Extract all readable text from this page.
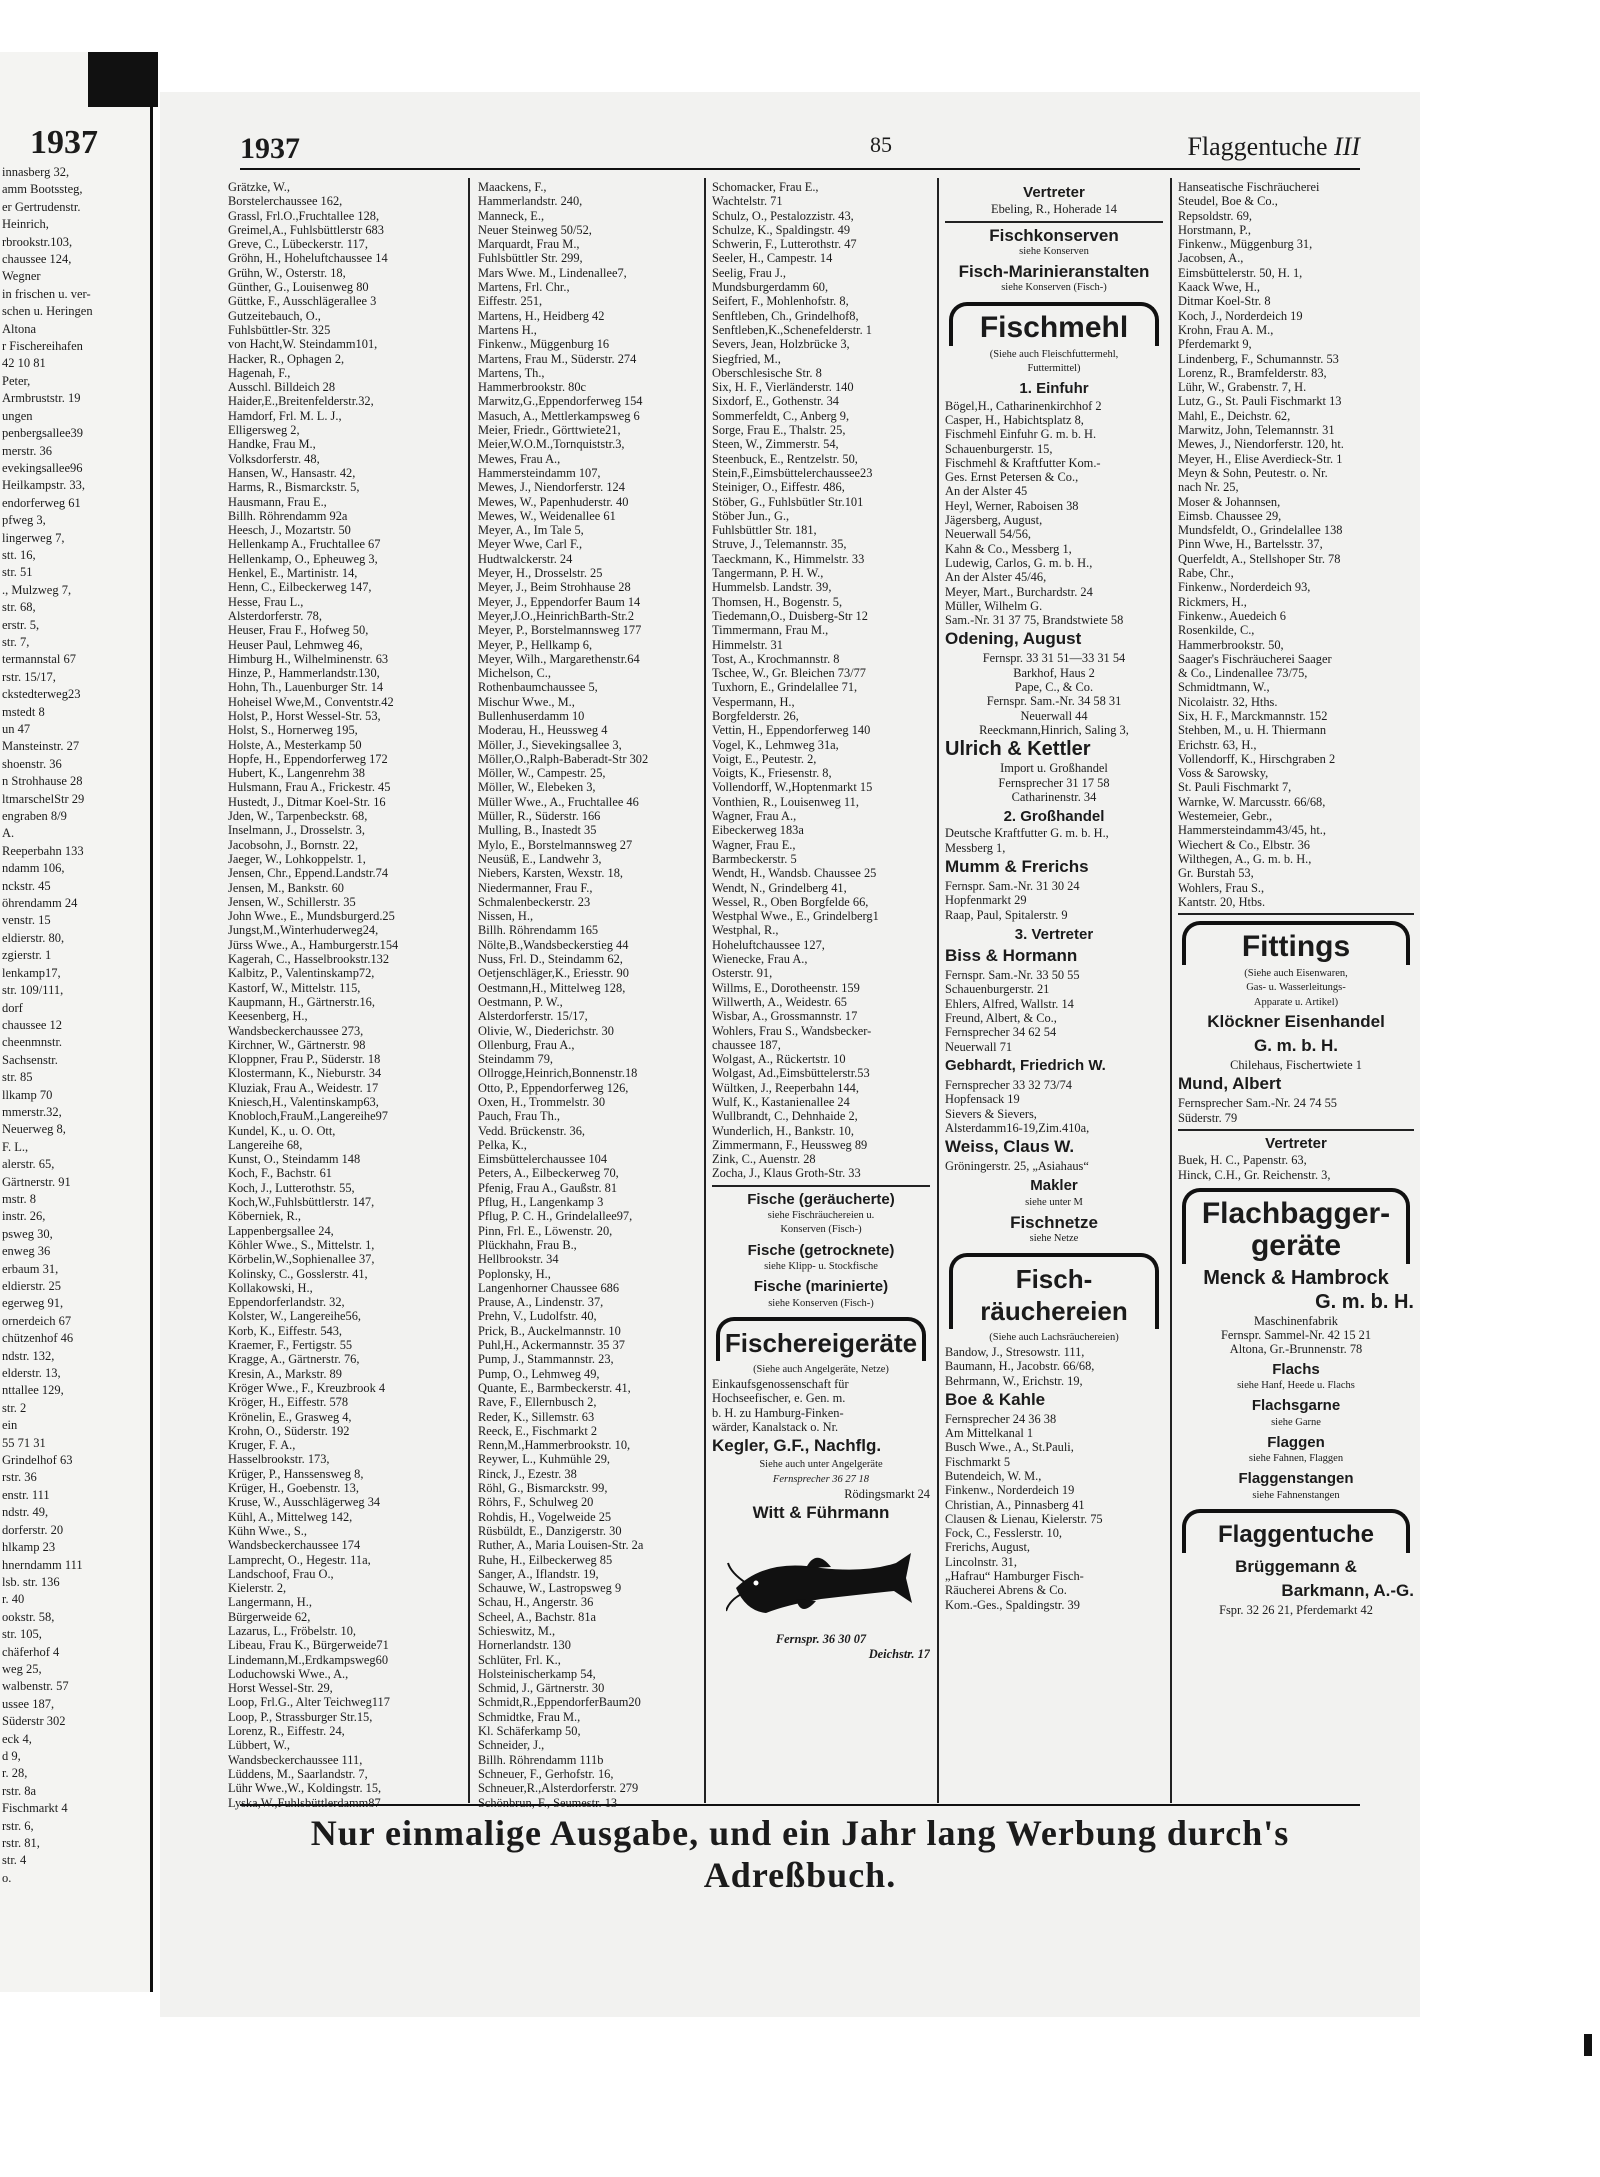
1937
innasberg 32,
amm Bootssteg,
er Gertrudenstr.
Heinrich,
rbrookstr.103,
chaussee 124,
Wegner
in frischen u. ver-
schen u. Heringen
Altona
r Fischereihafen
42 10 81
Peter,
Armbruststr. 19
ungen
penbergsallee39
merstr. 36
evekingsallee96
Heilkampstr. 33,
endorferweg 61
pfweg 3,
lingerweg 7,
stt. 16,
str. 51
., Mulzweg 7,
str. 68,
erstr. 5,
str. 7,
termannstal 67
rstr. 15/17,
ckstedterweg23
mstedt 8
un 47
Mansteinstr. 27
shoenstr. 36
n Strohhause 28
ltmarschelStr 29
engraben 8/9
A.
Reeperbahn 133
ndamm 106,
nckstr. 45
öhrendamm 24
venstr. 15
eldierstr. 80,
zgierstr. 1
lenkamp17,
str. 109/111,
dorf
chaussee 12
cheenmnstr.
Sachsenstr.
str. 85
llkamp 70
mmerstr.32,
Neuerweg 8,
F. L.,
alerstr. 65,
Gärtnerstr. 91
mstr. 8
instr. 26,
psweg 30,
enweg 36
erbaum 31,
eldierstr. 25
egerweg 91,
ornerdeich 67
chützenhof 46
ndstr. 132,
elderstr. 13,
nttallee 129,
str. 2
ein
55 71 31
Grindelhof 63
rstr. 36
enstr. 111
ndstr. 49,
dorferstr. 20
hlkamp 23
hnerndamm 111
lsb. str. 136
r. 40
ookstr. 58,
str. 105,
chäferhof 4
weg 25,
walbenstr. 57
ussee 187,
Süderstr 302
eck 4,
d 9,
r. 28,
rstr. 8a
Fischmarkt 4
rstr. 6,
rstr. 81,
str. 4
o.
1937	85	Flaggentuche III
Grätzke, W.,
Borstelerchaussee 162,
Grassl, Frl.O.,Fruchtallee 128,
Greimel,A., Fuhlsbüttlerstr 683
Greve, C., Lübeckerstr. 117,
Gröhn, H., Hoheluftchaussee 14
Grühn, W., Osterstr. 18,
Günther, G., Louisenweg 80
Güttke, F., Ausschlägerallee 3
Gutzeitebauch, O.,
Fuhlsbüttler-Str. 325
von Hacht,W. Steindamm101,
Hacker, R., Ophagen 2,
Hagenah, F.,
Ausschl. Billdeich 28
Haider,E.,Breitenfelderstr.32,
Hamdorf, Frl. M. L. J.,
Elligersweg 2,
Handke, Frau M.,
Volksdorferstr. 48,
Hansen, W., Hansastr. 42,
Harms, R., Bismarckstr. 5,
Hausmann, Frau E.,
Billh. Röhrendamm 92a
Heesch, J., Mozartstr. 50
Hellenkamp A., Fruchtallee 67
Hellenkamp, O., Epheuweg 3,
Henkel, E., Martinistr. 14,
Henn, C., Eilbeckerweg 147,
Hesse, Frau L.,
Alsterdorferstr. 78,
Heuser, Frau F., Hofweg 50,
Heuser Paul, Lehmweg 46,
Himburg H., Wilhelminenstr. 63
Hinze, P., Hammerlandstr.130,
Hohn, Th., Lauenburger Str. 14
Hoheisel Wwe,M., Conventstr.42
Holst, P., Horst Wessel-Str. 53,
Holst, S., Hornerweg 195,
Holste, A., Mesterkamp 50
Hopfe, H., Eppendorferweg 172
Hubert, K., Langenrehm 38
Hulsmann, Frau A., Frickestr. 45
Hustedt, J., Ditmar Koel-Str. 16
Jden, W., Tarpenbeckstr. 68,
Inselmann, J., Drosselstr. 3,
Jacobsohn, J., Bornstr. 22,
Jaeger, W., Lohkoppelstr. 1,
Jensen, Chr., Eppend.Landstr.74
Jensen, M., Bankstr. 60
Jensen, W., Schillerstr. 35
John Wwe., E., Mundsburgerd.25
Jungst,M.,Winterhuderweg24,
Jürss Wwe., A., Hamburgerstr.154
Kagerah, C., Hasselbrookstr.132
Kalbitz, P., Valentinskamp72,
Kastorf, W., Mittelstr. 115,
Kaupmann, H., Gärtnerstr.16,
Keesenberg, H.,
Wandsbeckerchaussee 273,
Kirchner, W., Gärtnerstr. 98
Kloppner, Frau P., Süderstr. 18
Klostermann, K., Nieburstr. 34
Kluziak, Frau A., Weidestr. 17
Kniesch,H., Valentinskamp63,
Knobloch,FrauM.,Langereihe97
Kundel, K., u. O. Ott,
Langereihe 68,
Kunst, O., Steindamm 148
Koch, F., Bachstr. 61
Koch, J., Lutterothstr. 55,
Koch,W.,Fuhlsbüttlerstr. 147,
Köberniek, R.,
Lappenbergsallee 24,
Köhler Wwe., S., Mittelstr. 1,
Körbelin,W.,Sophienallee 37,
Kolinsky, C., Gosslerstr. 41,
Kollakowski, H.,
Eppendorferlandstr. 32,
Kolster, W., Langereihe56,
Korb, K., Eiffestr. 543,
Kraemer, F., Fertigstr. 55
Kragge, A., Gärtnerstr. 76,
Kresin, A., Markstr. 89
Kröger Wwe., F., Kreuzbrook 4
Kröger, H., Eiffestr. 578
Krönelin, E., Grasweg 4,
Krohn, O., Süderstr. 192
Kruger, F. A.,
Hasselbrookstr. 173,
Krüger, P., Hanssensweg 8,
Krüger, H., Goebenstr. 13,
Kruse, W., Ausschlägerweg 34
Kühl, A., Mittelweg 142,
Kühn Wwe., S.,
Wandsbeckerchaussee 174
Lamprecht, O., Hegestr. 11a,
Landschoof, Frau O.,
Kielerstr. 2,
Langermann, H.,
Bürgerweide 62,
Lazarus, L., Fröbelstr. 10,
Libeau, Frau K., Bürgerweide71
Lindemann,M.,Erdkampsweg60
Loduchowski Wwe., A.,
Horst Wessel-Str. 29,
Loop, Frl.G., Alter Teichweg117
Loop, P., Strassburger Str.15,
Lorenz, R., Eiffestr. 24,
Lübbert, W.,
Wandsbeckerchaussee 111,
Lüddens, M., Saarlandstr. 7,
Lühr Wwe.,W., Koldingstr. 15,
Lyska,W.,Fuhlsbüttlerdamm87
Maackens, F.,
Hammerlandstr. 240,
Manneck, E.,
Neuer Steinweg 50/52,
Marquardt, Frau M.,
Fuhlsbüttler Str. 299,
Mars Wwe. M., Lindenallee7,
Martens, Frl. Chr.,
Eiffestr. 251,
Martens, H., Heidberg 42
Martens H.,
Finkenw., Müggenburg 16
Martens, Frau M., Süderstr. 274
Martens, Th.,
Hammerbrookstr. 80c
Marwitz,G.,Eppendorferweg 154
Masuch, A., Mettlerkampsweg 6
Meier, Friedr., Görttwiete21,
Meier,W.O.M.,Tornquiststr.3,
Mewes, Frau A.,
Hammersteindamm 107,
Mewes, J., Niendorferstr. 124
Mewes, W., Papenhuderstr. 40
Mewes, W., Weidenallee 61
Meyer, A., Im Tale 5,
Meyer Wwe, Carl F.,
Hudtwalckerstr. 24
Meyer, H., Drosselstr. 25
Meyer, J., Beim Strohhause 28
Meyer, J., Eppendorfer Baum 14
Meyer,J.O.,HeinrichBarth-Str.2
Meyer, P., Borstelmannsweg 177
Meyer, P., Hellkamp 6,
Meyer, Wilh., Margarethenstr.64
Michelson, C.,
Rothenbaumchaussee 5,
Mischur Wwe., M.,
Bullenhuserdamm 10
Moderau, H., Heussweg 4
Möller, J., Sievekingsallee 3,
Möller,O.,Ralph-Baberadt-Str 302
Möller, W., Campestr. 25,
Möller, W., Elebeken 3,
Müller Wwe., A., Fruchtallee 46
Müller, R., Süderstr. 166
Mulling, B., Inastedt 35
Mylo, E., Borstelmannsweg 27
Neusüß, E., Landwehr 3,
Niebers, Karsten, Wexstr. 18,
Niedermanner, Frau F.,
Schmalenbeckerstr. 23
Nissen, H.,
Billh. Röhrendamm 165
Nölte,B.,Wandsbeckerstieg 44
Nuss, Frl. D., Steindamm 62,
Oetjenschläger,K., Eriesstr. 90
Oestmann,H., Mittelweg 128,
Oestmann, P. W.,
Alsterdorferstr. 15/17,
Olivie, W., Diederichstr. 30
Ollenburg, Frau A.,
Steindamm 79,
Ollrogge,Heinrich,Bonnenstr.18
Otto, P., Eppendorferweg 126,
Oxen, H., Trommelstr. 30
Pauch, Frau Th.,
Vedd. Brückenstr. 36,
Pelka, K.,
Eimsbüttelerchaussee 104
Peters, A., Eilbeckerweg 70,
Pfenig, Frau A., Gaußstr. 81
Pflug, H., Langenkamp 3
Pflug, P. C. H., Grindelallee97,
Pinn, Frl. E., Löwenstr. 20,
Plückhahn, Frau B.,
Hellbrookstr. 34
Poplonsky, H.,
Langenhorner Chaussee 686
Prause, A., Lindenstr. 37,
Prehn, V., Ludolfstr. 40,
Prick, B., Auckelmannstr. 10
Puhl,H., Ackermannstr. 35 37
Pump, J., Stammannstr. 23,
Pump, O., Lehmweg 49,
Quante, E., Barmbeckerstr. 41,
Rave, F., Ellernbusch 2,
Reder, K., Sillemstr. 63
Reeck, E., Fischmarkt 2
Renn,M.,Hammerbrookstr. 10,
Reywer, L., Kuhmühle 29,
Rinck, J., Ezestr. 38
Röhl, G., Bismarckstr. 99,
Röhrs, F., Schulweg 20
Rohdis, H., Vogelweide 25
Rüsbüldt, E., Danzigerstr. 30
Ruther, A., Maria Louisen-Str. 2a
Ruhe, H., Eilbeckerweg 85
Sanger, A., Iflandstr. 19,
Schauwe, W., Lastropsweg 9
Schau, H., Angerstr. 36
Scheel, A., Bachstr. 81a
Schieswitz, M.,
Hornerlandstr. 130
Schlüter, Frl. K.,
Holsteinischerkamp 54,
Schmid, J., Gärtnerstr. 30
Schmidt,R.,EppendorferBaum20
Schmidtke, Frau M.,
Kl. Schäferkamp 50,
Schneider, J.,
Billh. Röhrendamm 111b
Schneuer, F., Gerhofstr. 16,
Schneuer,R.,Alsterdorferstr. 279
Schönbrun, F., Seumestr. 13
Schomacker, Frau E.,
Wachtelstr. 71
Schulz, O., Pestalozzistr. 43,
Schulze, K., Spaldingstr. 49
Schwerin, F., Lutterothstr. 47
Seeler, H., Campestr. 14
Seelig, Frau J.,
Mundsburgerdamm 60,
Seifert, F., Mohlenhofstr. 8,
Senftleben, Ch., Grindelhof8,
Senftleben,K.,Schenefelderstr. 1
Severs, Jean, Holzbrücke 3,
Siegfried, M.,
Oberschlesische Str. 8
Six, H. F., Vierländerstr. 140
Sixdorf, E., Gothenstr. 34
Sommerfeldt, C., Anberg 9,
Sorge, Frau E., Thalstr. 25,
Steen, W., Zimmerstr. 54,
Steenbuck, E., Rentzelstr. 50,
Stein,F.,Eimsbüttelerchaussee23
Steiniger, O., Eiffestr. 486,
Stöber, G., Fuhlsbütler Str.101
Stöber Jun., G.,
Fuhlsbüttler Str. 181,
Struve, J., Telemannstr. 35,
Taeckmann, K., Himmelstr. 33
Tangermann, P. H. W.,
Hummelsb. Landstr. 39,
Thomsen, H., Bogenstr. 5,
Tiedemann,O., Duisberg-Str 12
Timmermann, Frau M.,
Himmelstr. 31
Tost, A., Krochmannstr. 8
Tschee, W., Gr. Bleichen 73/77
Tuxhorn, E., Grindelallee 71,
Vespermann, H.,
Borgfelderstr. 26,
Vettin, H., Eppendorferweg 140
Vogel, K., Lehmweg 31a,
Voigt, E., Peutestr. 2,
Voigts, K., Friesenstr. 8,
Vollendorff, W.,Hoptenmarkt 15
Vonthien, R., Louisenweg 11,
Wagner, Frau A.,
Eibeckerweg 183a
Wagner, Frau E.,
Barmbeckerstr. 5
Wendt, H., Wandsb. Chaussee 25
Wendt, N., Grindelberg 41,
Wessel, R., Oben Borgfelde 66,
Westphal Wwe., E., Grindelberg1
Westphal, R.,
Hoheluftchaussee 127,
Wienecke, Frau A.,
Osterstr. 91,
Willms, E., Dorotheenstr. 159
Willwerth, A., Weidestr. 65
Wisbar, A., Grossmannstr. 17
Wohlers, Frau S., Wandsbecker-
chaussee 187,
Wolgast, A., Rückertstr. 10
Wolgast, Ad.,Eimsbüttelerstr.53
Wültken, J., Reeperbahn 144,
Wulf, K., Kastanienallee 24
Wullbrandt, C., Dehnhaide 2,
Wunderlich, H., Bankstr. 10,
Zimmermann, F., Heussweg 89
Zink, C., Auenstr. 28
Zocha, J., Klaus Groth-Str. 33
Fische (geräucherte)
siehe Fischräuchereien u.
Konserven (Fisch-)
Fische (getrocknete)
siehe Klipp- u. Stockfische
Fische (marinierte)
siehe Konserven (Fisch-)
Fischereigeräte
(Siehe auch Angelgeräte, Netze)
Einkaufsgenossenschaft für
Hochseefischer, e. Gen. m.
b. H. zu Hamburg-Finken-
wärder, Kanalstack o. Nr.
Kegler, G.F., Nachflg.
Siehe auch unter Angelgeräte
Fernsprecher 36 27 18
Rödingsmarkt 24
Witt & Führmann
Fernspr. 36 30 07
Deichstr. 17
Vertreter
Ebeling, R., Hoherade 14
Fischkonserven
siehe Konserven
Fisch-Marinieranstalten
siehe Konserven (Fisch-)
Fischmehl
(Siehe auch Fleischfuttermehl,
Futtermittel)
1. Einfuhr
Bögel,H., Catharinenkirchhof 2
Casper, H., Habichtsplatz 8,
Fischmehl Einfuhr G. m. b. H.
Schauenburgerstr. 15,
Fischmehl & Kraftfutter Kom.-
Ges. Ernst Petersen & Co.,
An der Alster 45
Heyl, Werner, Raboisen 38
Jägersberg, August,
Neuerwall 54/56,
Kahn & Co., Messberg 1,
Ludewig, Carlos, G. m. b. H.,
An der Alster 45/46,
Meyer, Mart., Burchardstr. 24
Müller, Wilhelm G.
Sam.-Nr. 31 37 75, Brandstwiete 58
Odening, August
Fernspr. 33 31 51—33 31 54
Barkhof, Haus 2
Pape, C., & Co.
Fernspr. Sam.-Nr. 34 58 31
Neuerwall 44
Reeckmann,Hinrich, Saling 3,
Ulrich & Kettler
Import u. Großhandel
Fernsprecher 31 17 58
Catharinenstr. 34
2. Großhandel
Deutsche Kraftfutter G. m. b. H.,
Messberg 1,
Mumm & Frerichs
Fernspr. Sam.-Nr. 31 30 24
Hopfenmarkt 29
Raap, Paul, Spitalerstr. 9
3. Vertreter
Biss & Hormann
Fernspr. Sam.-Nr. 33 50 55
Schauenburgerstr. 21
Ehlers, Alfred, Wallstr. 14
Freund, Albert, & Co.,
Fernsprecher 34 62 54
Neuerwall 71
Gebhardt, Friedrich W.
Fernsprecher 33 32 73/74
Hopfensack 19
Sievers & Sievers,
Alsterdamm16-19,Zim.410a,
Weiss, Claus W.
Gröningerstr. 25, „Asiahaus“
Makler
siehe unter M
Fischnetze
siehe Netze
Fisch-räuchereien
(Siehe auch Lachsräuchereien)
Bandow, J., Stresowstr. 111,
Baumann, H., Jacobstr. 66/68,
Behrmann, W., Erichstr. 19,
Boe & Kahle
Fernsprecher 24 36 38
Am Mittelkanal 1
Busch Wwe., A., St.Pauli,
Fischmarkt 5
Butendeich, W. M.,
Finkenw., Norderdeich 19
Christian, A., Pinnasberg 41
Clausen & Lienau, Kielerstr. 75
Fock, C., Fesslerstr. 10,
Frerichs, August,
Lincolnstr. 31,
„Hafrau“ Hamburger Fisch-
Räucherei Abrens & Co.
Kom.-Ges., Spaldingstr. 39
Hanseatische Fischräucherei
Steudel, Boe & Co.,
Repsoldstr. 69,
Horstmann, P.,
Finkenw., Müggenburg 31,
Jacobsen, A.,
Eimsbüttelerstr. 50, H. 1,
Kaack Wwe, H.,
Ditmar Koel-Str. 8
Koch, J., Norderdeich 19
Krohn, Frau A. M.,
Pferdemarkt 9,
Lindenberg, F., Schumannstr. 53
Lorenz, R., Bramfelderstr. 83,
Lühr, W., Grabenstr. 7, H.
Lutz, G., St. Pauli Fischmarkt 13
Mahl, E., Deichstr. 62,
Marwitz, John, Telemannstr. 31
Mewes, J., Niendorferstr. 120, ht.
Meyer, H., Elise Averdieck-Str. 1
Meyn & Sohn, Peutestr. o. Nr.
nach Nr. 25,
Moser & Johannsen,
Eimsb. Chaussee 29,
Mundsfeldt, O., Grindelallee 138
Pinn Wwe, H., Bartelsstr. 37,
Querfeldt, A., Stellshoper Str. 78
Rabe, Chr.,
Finkenw., Norderdeich 93,
Rickmers, H.,
Finkenw., Auedeich 6
Rosenkilde, C.,
Hammerbrookstr. 50,
Saager's Fischräucherei Saager
& Co., Lindenallee 73/75,
Schmidtmann, W.,
Nicolaistr. 32, Hths.
Six, H. F., Marckmannstr. 152
Stehben, M., u. H. Thiermann
Erichstr. 63, H.,
Vollendorff, K., Hirschgraben 2
Voss & Sarowsky,
St. Pauli Fischmarkt 7,
Warnke, W. Marcusstr. 66/68,
Westemeier, Gebr.,
Hammersteindamm43/45, ht.,
Wiechert & Co., Elbstr. 36
Wilthegen, A., G. m. b. H.,
Gr. Burstah 53,
Wohlers, Frau S.,
Kantstr. 20, Htbs.
Fittings
(Siehe auch Eisenwaren,
Gas- u. Wasserleitungs-
Apparate u. Artikel)
Klöckner Eisenhandel
G. m. b. H.
Chilehaus, Fischertwiete 1
Mund, Albert
Fernsprecher Sam.-Nr. 24 74 55
Süderstr. 79
Vertreter
Buek, H. C., Papenstr. 63,
Hinck, C.H., Gr. Reichenstr. 3,
Flachbagger-geräte
Menck & Hambrock
G. m. b. H.
Maschinenfabrik
Fernspr. Sammel-Nr. 42 15 21
Altona, Gr.-Brunnenstr. 78
Flachs
siehe Hanf, Heede u. Flachs
Flachsgarne
siehe Garne
Flaggen
siehe Fahnen, Flaggen
Flaggenstangen
siehe Fahnenstangen
Flaggentuche
Brüggemann &
Barkmann, A.-G.
Fspr. 32 26 21, Pferdemarkt 42
Nur einmalige Ausgabe, und ein Jahr lang Werbung durch's Adreßbuch.
